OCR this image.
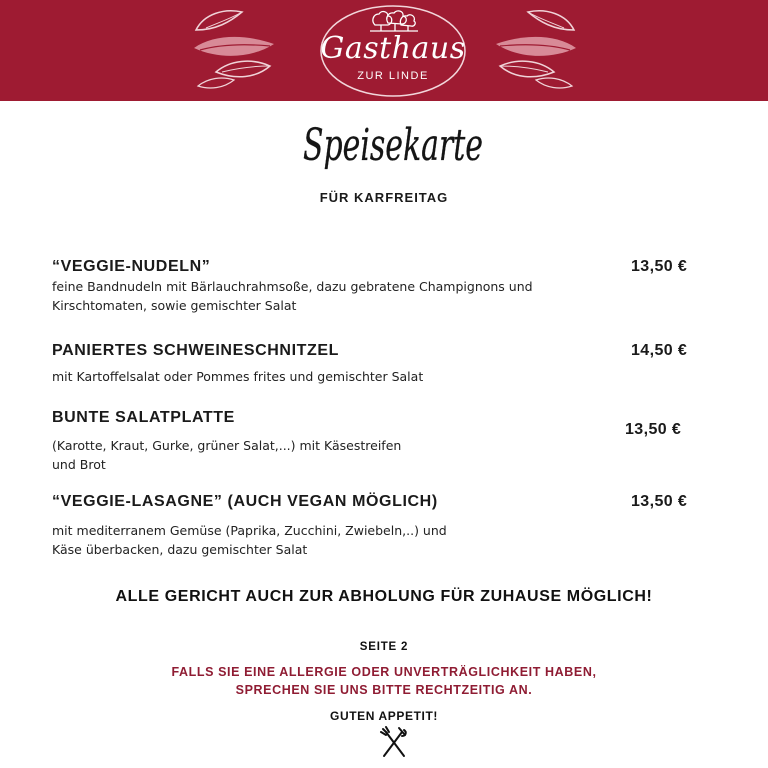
Gasthaus
ZUR LINDE
Speisekarte
FÜR KARFREITAG
“VEGGIE-NUDELN”	13,50 €
feine Bandnudeln mit Bärlauchrahmsoße, dazu gebratene Champignons und
Kirschtomaten, sowie gemischter Salat
PANIERTES SCHWEINESCHNITZEL	14,50 €
mit Kartoffelsalat oder Pommes frites und gemischter Salat
BUNTE SALATPLATTE
13,50 €
(Karotte, Kraut, Gurke, grüner Salat,...) mit Käsestreifen
und Brot
“VEGGIE-LASAGNE” (AUCH VEGAN MÖGLICH)	13,50 €
mit mediterranem Gemüse (Paprika, Zucchini, Zwiebeln,..) und
Käse überbacken, dazu gemischter Salat
ALLE GERICHT AUCH ZUR ABHOLUNG FÜR ZUHAUSE MÖGLICH!
SEITE 2
FALLS SIE EINE ALLERGIE ODER UNVERTRÄGLICHKEIT HABEN,
SPRECHEN SIE UNS BITTE RECHTZEITIG AN.
GUTEN APPETIT!
